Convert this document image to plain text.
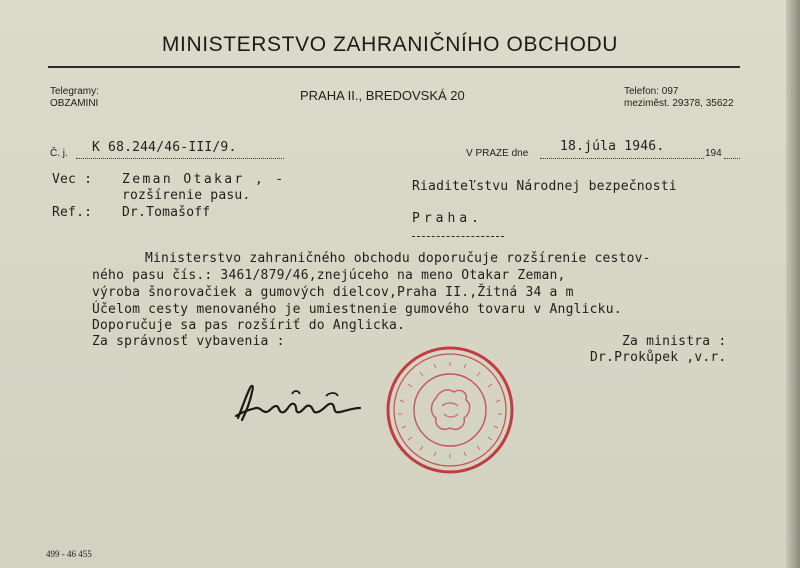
MINISTERSTVO ZAHRANIČNÍHO OBCHODU
Telegramy:
OBZAMINI
PRAHA II., BREDOVSKÁ 20	Telefon: 097
meziměst. 29378, 35622
Č. j. K 68.244/46-III/9.	V PRAZE dne 18.júla 1946.	194
Vec : Zeman Otakar , -
rozšírenie pasu.
Ref.: Dr.Tomašoff
Riaditeľstvu Národnej bezpečnosti
Praha.
Ministerstvo zahraničného obchodu doporučuje rozšírenie cestov-
ného pasu čís.: 3461/879/46,znejúceho na meno Otakar Zeman,
výroba šnorovačiek a gumových dielcov,Praha II.,Žitná 34 a m
Účelom cesty menovaného je umiestnenie gumového tovaru v Anglicku.
Doporučuje sa pas rozšíriť do Anglicka.
Za správnosť vybavenia :	Za ministra :
Dr.Prokůpek ,v.r.
499 - 46 455
